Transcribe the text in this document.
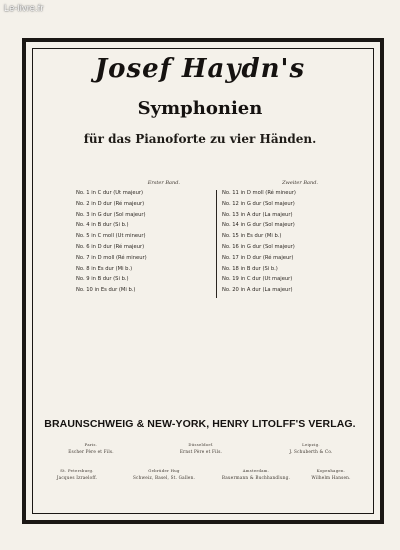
Le-livre.fr
Josef Haydn's
Symphonien
für das Pianoforte zu vier Händen.
Erster Band.
No. 1 in C dur (Ut majeur)
No. 2 in D dur (Ré majeur)
No. 3 in G dur (Sol majeur)
No. 4 in B dur (Si b.)
No. 5 in C moll (Ut mineur)
No. 6 in D dur (Ré majeur)
No. 7 in D moll (Ré mineur)
No. 8 in Es dur (Mi b.)
No. 9 in B dur (Si b.)
No. 10 in Es dur (Mi b.)
Zweiter Band.
No. 11 in D moll (Ré mineur)
No. 12 in G dur (Sol majeur)
No. 13 in A dur (La majeur)
No. 14 in G dur (Sol majeur)
No. 15 in Es dur (Mi b.)
No. 16 in G dur (Sol majeur)
No. 17 in D dur (Ré majeur)
No. 18 in B dur (Si b.)
No. 19 in C dur (Ut majeur)
No. 20 in A dur (La majeur)
BRAUNSCHWEIG & NEW-YORK, HENRY LITOLFF'S VERLAG.
Paris.
Escher Père et Fils.
Düsseldorf.
Ernst Père et Fils.
Leipzig.
J. Schuberth & Co.
St. Petersburg.
Jacques Izraeloff.
Gebrüder Hug
Schweiz, Basel, St. Gallen.
Amsterdam.
Bauermann & Buchhandlung.
Kopenhagen.
Wilhelm Hansen.
